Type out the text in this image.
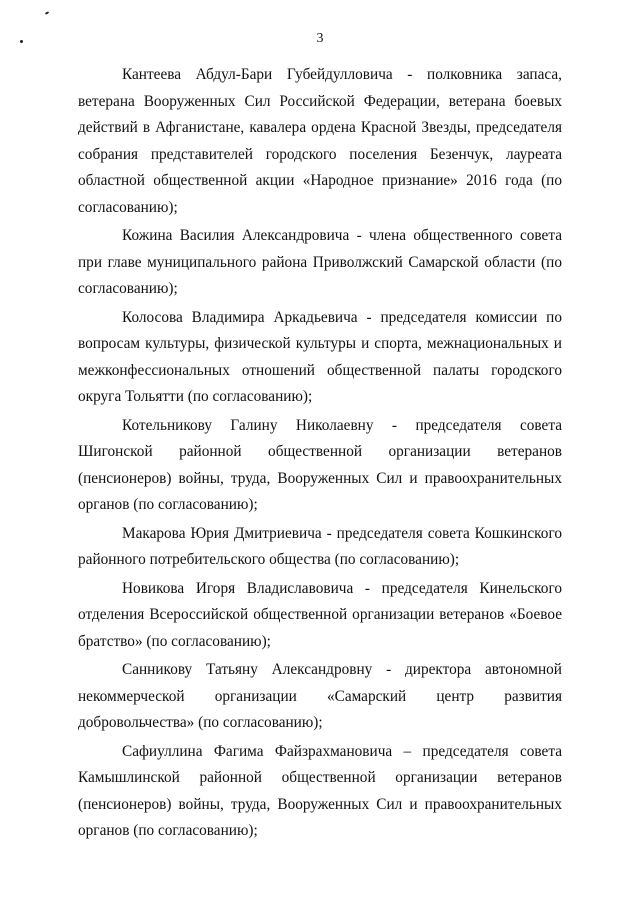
3

Кантеева Абдул-Бари Губейдулловича - полковника запаса, ветерана Вооруженных Сил Российской Федерации, ветерана боевых действий в Афганистане, кавалера ордена Красной Звезды, председателя собрания представителей городского поселения Безенчук, лауреата областной общественной акции «Народное признание» 2016 года (по согласованию);

Кожина Василия Александровича - члена общественного совета при главе муниципального района Приволжский Самарской области (по согласованию);

Колосова Владимира Аркадьевича - председателя комиссии по вопросам культуры, физической культуры и спорта, межнациональных и межконфессиональных отношений общественной палаты городского округа Тольятти (по согласованию);

Котельникову Галину Николаевну - председателя совета Шигонской районной общественной организации ветеранов (пенсионеров) войны, труда, Вооруженных Сил и правоохранительных органов (по согласованию);

Макарова Юрия Дмитриевича - председателя совета Кошкинского районного потребительского общества (по согласованию);

Новикова Игоря Владиславовича - председателя Кинельского отделения Всероссийской общественной организации ветеранов «Боевое братство» (по согласованию);

Санникову Татьяну Александровну - директора автономной некоммерческой организации «Самарский центр развития добровольчества» (по согласованию);

Сафиуллина Фагима Файзрахмановича – председателя совета Камышлинской районной общественной организации ветеранов (пенсионеров) войны, труда, Вооруженных Сил и правоохранительных органов (по согласованию);
